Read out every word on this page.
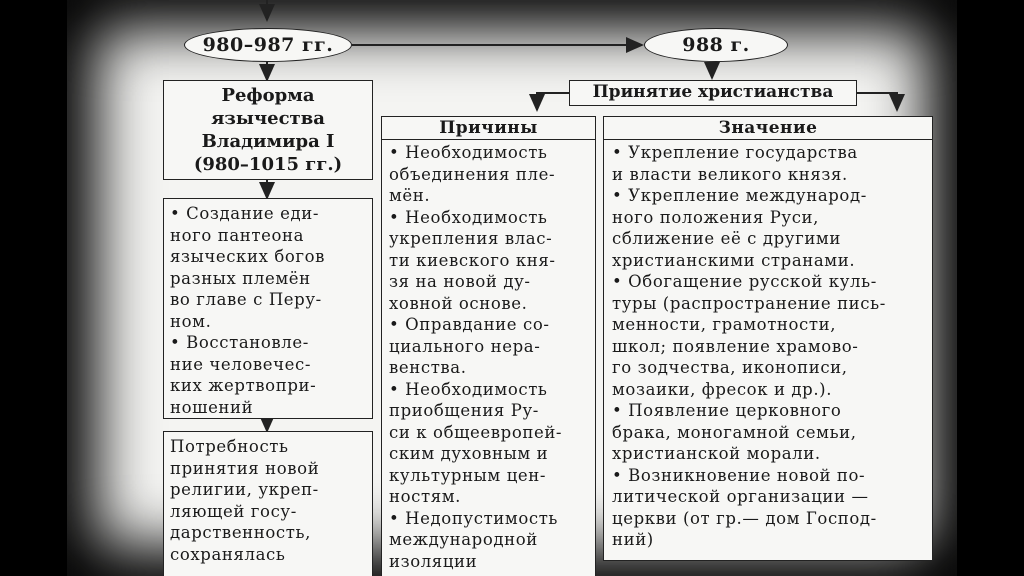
980–987 гг.	988 г.
Реформа
язычества
Владимира I
(980–1015 гг.)
Принятие христианства
• Создание еди-
ного пантеона
языческих богов
разных племён
во главе с Перу-
ном.
• Восстановле-
ние человечес-
ких жертвопри-
ношений
Потребность
принятия новой
религии, укреп-
ляющей госу-
дарственность,
сохранялась
Причины
• Необходимость
объединения пле-
мён.
• Необходимость
укрепления влас-
ти киевского кня-
зя на новой ду-
ховной основе.
• Оправдание со-
циального нера-
венства.
• Необходимость
приобщения Ру-
си к общеевропей-
ским духовным и
культурным цен-
ностям.
• Недопустимость
международной
изоляции
Значение
• Укрепление государства
и власти великого князя.
• Укрепление международ-
ного положения Руси,
сближение её с другими
христианскими странами.
• Обогащение русской куль-
туры (распространение пись-
менности, грамотности,
школ; появление храмово-
го зодчества, иконописи,
мозаики, фресок и др.).
• Появление церковного
брака, моногамной семьи,
христианской морали.
• Возникновение новой по-
литической организации —
церкви (от гр.— дом Господ-
ний)
